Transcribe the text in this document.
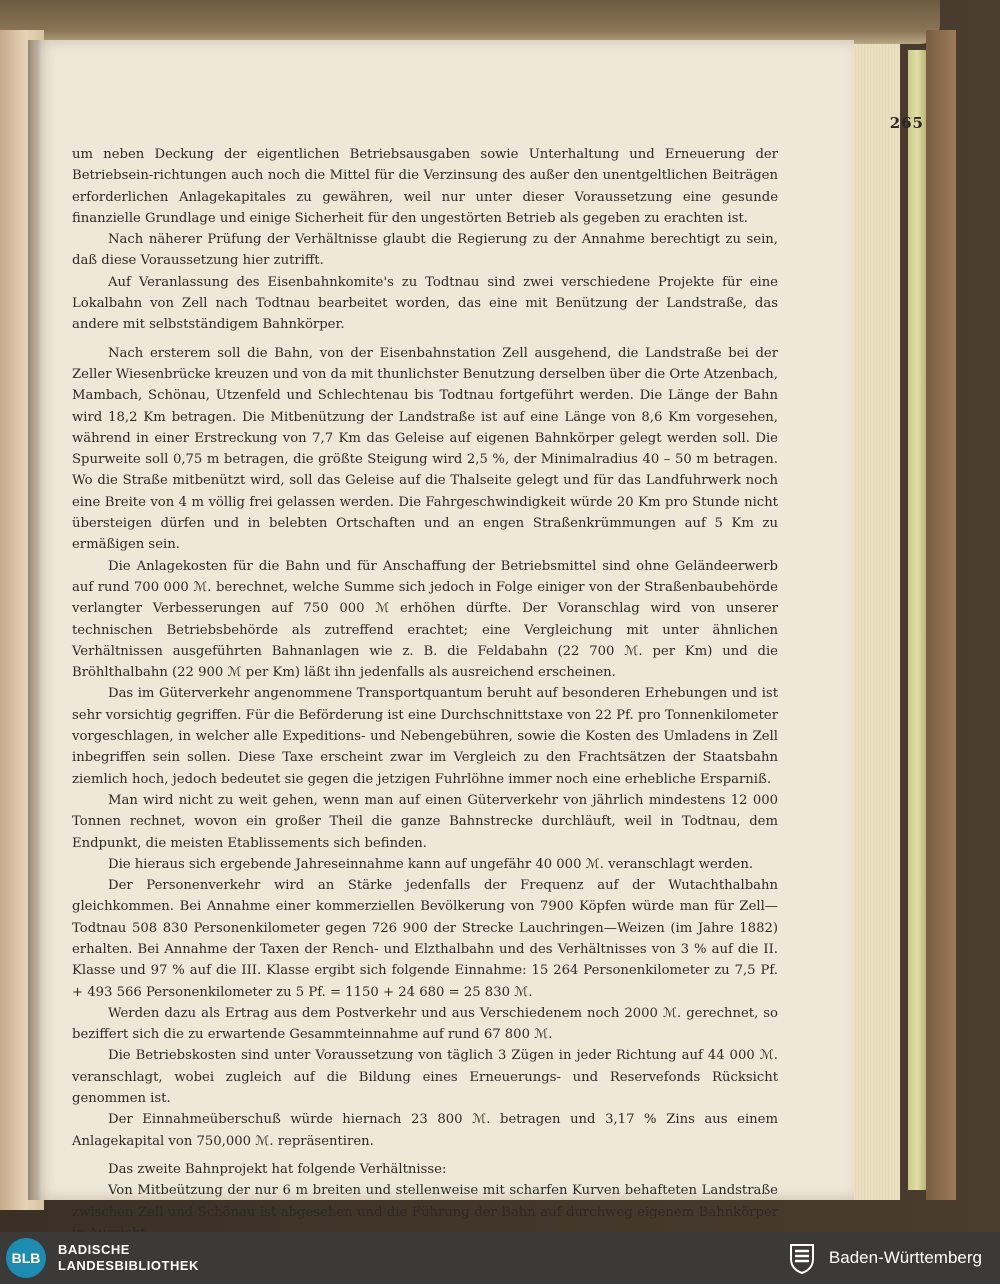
265

um neben Deckung der eigentlichen Betriebsausgaben sowie Unterhaltung und Erneuerung der Betriebsein-richtungen auch noch die Mittel für die Verzinsung des außer den unentgeltlichen Beiträgen erforderlichen Anlagekapitales zu gewähren, weil nur unter dieser Voraussetzung eine gesunde finanzielle Grundlage und einige Sicherheit für den ungestörten Betrieb als gegeben zu erachten ist.

Nach näherer Prüfung der Verhältnisse glaubt die Regierung zu der Annahme berechtigt zu sein, daß diese Voraussetzung hier zutrifft.

Auf Veranlassung des Eisenbahnkomite's zu Todtnau sind zwei verschiedene Projekte für eine Lokalbahn von Zell nach Todtnau bearbeitet worden, das eine mit Benützung der Landstraße, das andere mit selbstständigem Bahnkörper.

Nach ersterem soll die Bahn, von der Eisenbahnstation Zell ausgehend, die Landstraße bei der Zeller Wiesenbrücke kreuzen und von da mit thunlichster Benutzung derselben über die Orte Atzenbach, Mambach, Schönau, Utzenfeld und Schlechtenau bis Todtnau fortgeführt werden. Die Länge der Bahn wird 18,2 Km betragen. Die Mitbenützung der Landstraße ist auf eine Länge von 8,6 Km vorgesehen, während in einer Erstreckung von 7,7 Km das Geleise auf eigenen Bahnkörper gelegt werden soll. Die Spurweite soll 0,75 m betragen, die größte Steigung wird 2,5 %, der Minimalradius 40 – 50 m betragen. Wo die Straße mitbenützt wird, soll das Geleise auf die Thalseite gelegt und für das Landfuhrwerk noch eine Breite von 4 m völlig frei gelassen werden. Die Fahrgeschwindigkeit würde 20 Km pro Stunde nicht übersteigen dürfen und in belebten Ortschaften und an engen Straßenkrümmungen auf 5 Km zu ermäßigen sein.

Die Anlagekosten für die Bahn und für Anschaffung der Betriebsmittel sind ohne Geländeerwerb auf rund 700 000 ℳ. berechnet, welche Summe sich jedoch in Folge einiger von der Straßenbaubehörde verlangter Verbesserungen auf 750 000 ℳ erhöhen dürfte. Der Voranschlag wird von unserer technischen Betriebsbehörde als zutreffend erachtet; eine Vergleichung mit unter ähnlichen Verhältnissen ausgeführten Bahnanlagen wie z. B. die Feldabahn (22 700 ℳ. per Km) und die Bröhlthalbahn (22 900 ℳ per Km) läßt ihn jedenfalls als ausreichend erscheinen.

Das im Güterverkehr angenommene Transportquantum beruht auf besonderen Erhebungen und ist sehr vorsichtig gegriffen. Für die Beförderung ist eine Durchschnittstaxe von 22 Pf. pro Tonnenkilometer vorgeschlagen, in welcher alle Expeditions- und Nebengebühren, sowie die Kosten des Umladens in Zell inbegriffen sein sollen. Diese Taxe erscheint zwar im Vergleich zu den Frachtsätzen der Staatsbahn ziemlich hoch, jedoch bedeutet sie gegen die jetzigen Fuhrlöhne immer noch eine erhebliche Ersparniß.

Man wird nicht zu weit gehen, wenn man auf einen Güterverkehr von jährlich mindestens 12 000 Tonnen rechnet, wovon ein großer Theil die ganze Bahnstrecke durchläuft, weil in Todtnau, dem Endpunkt, die meisten Etablissements sich befinden.

Die hieraus sich ergebende Jahreseinnahme kann auf ungefähr 40 000 ℳ. veranschlagt werden.

Der Personenverkehr wird an Stärke jedenfalls der Frequenz auf der Wutachthalbahn gleichkommen. Bei Annahme einer kommerziellen Bevölkerung von 7900 Köpfen würde man für Zell—Todtnau 508 830 Personenkilometer gegen 726 900 der Strecke Lauchringen—Weizen (im Jahre 1882) erhalten. Bei Annahme der Taxen der Rench- und Elzthalbahn und des Verhältnisses von 3 % auf die II. Klasse und 97 % auf die III. Klasse ergibt sich folgende Einnahme: 15 264 Personenkilometer zu 7,5 Pf. + 493 566 Personenkilometer zu 5 Pf. = 1150 + 24 680 = 25 830 ℳ.

Werden dazu als Ertrag aus dem Postverkehr und aus Verschiedenem noch 2000 ℳ. gerechnet, so beziffert sich die zu erwartende Gesammteinnahme auf rund 67 800 ℳ.

Die Betriebskosten sind unter Voraussetzung von täglich 3 Zügen in jeder Richtung auf 44 000 ℳ. veranschlagt, wobei zugleich auf die Bildung eines Erneuerungs- und Reservefonds Rücksicht genommen ist.

Der Einnahmeüberschuß würde hiernach 23 800 ℳ. betragen und 3,17 % Zins aus einem Anlagekapital von 750,000 ℳ. repräsentiren.

Das zweite Bahnprojekt hat folgende Verhältnisse:

Von Mitbeützung der nur 6 m breiten und stellenweise mit scharfen Kurven behafteten Landstraße zwischen Zell und Schönau ist abgesehen und die Führung der Bahn auf durchweg eigenem Bahnkörper

BLB
BADISCHE
LANDESBIBLIOTHEK	Baden-Württemberg
